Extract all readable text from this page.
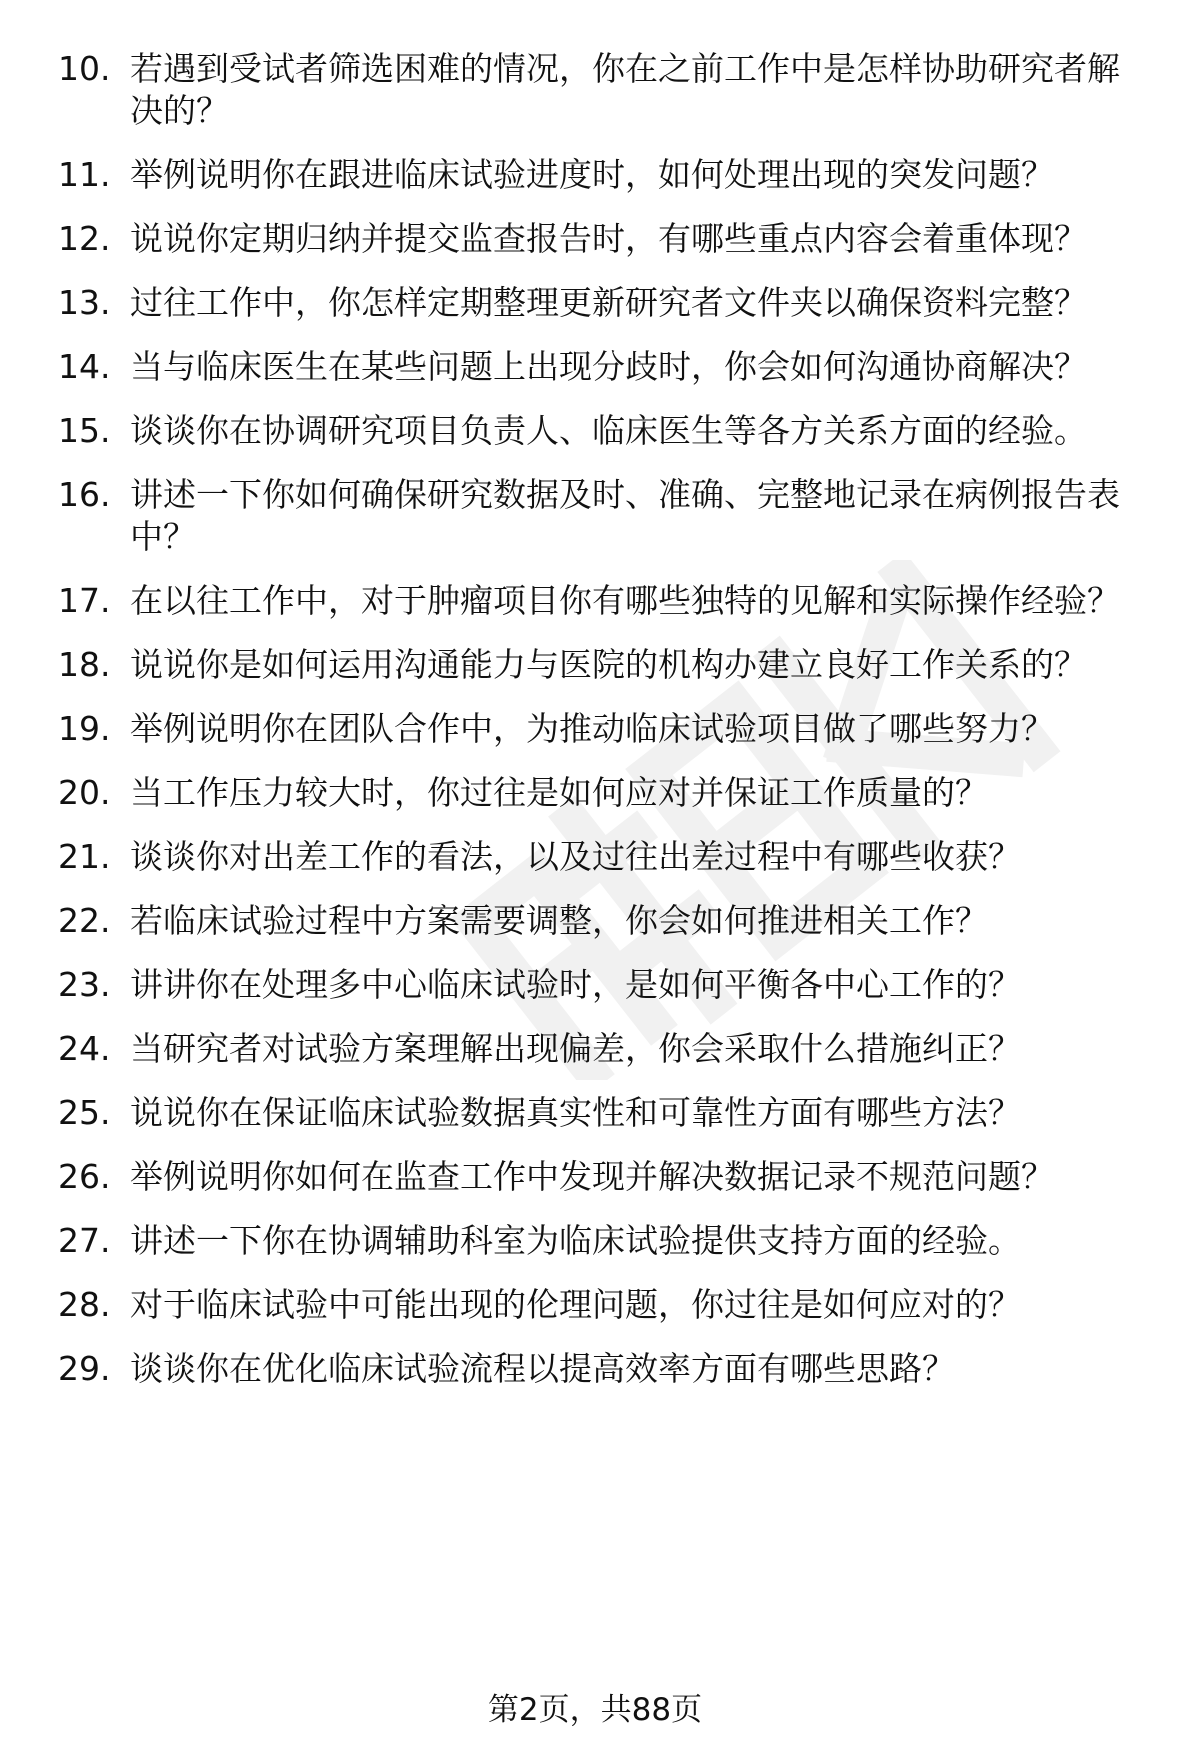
10. 若遇到受试者筛选困难的情况，你在之前工作中是怎样协助研究者解决的？
11. 举例说明你在跟进临床试验进度时，如何处理出现的突发问题？
12. 说说你定期归纳并提交监查报告时，有哪些重点内容会着重体现？
13. 过往工作中，你怎样定期整理更新研究者文件夹以确保资料完整？
14. 当与临床医生在某些问题上出现分歧时，你会如何沟通协商解决？
15. 谈谈你在协调研究项目负责人、临床医生等各方关系方面的经验。
16. 讲述一下你如何确保研究数据及时、准确、完整地记录在病例报告表中？
17. 在以往工作中，对于肿瘤项目你有哪些独特的见解和实际操作经验？
18. 说说你是如何运用沟通能力与医院的机构办建立良好工作关系的？
19. 举例说明你在团队合作中，为推动临床试验项目做了哪些努力？
20. 当工作压力较大时，你过往是如何应对并保证工作质量的？
21. 谈谈你对出差工作的看法，以及过往出差过程中有哪些收获？
22. 若临床试验过程中方案需要调整，你会如何推进相关工作？
23. 讲讲你在处理多中心临床试验时，是如何平衡各中心工作的？
24. 当研究者对试验方案理解出现偏差，你会采取什么措施纠正？
25. 说说你在保证临床试验数据真实性和可靠性方面有哪些方法？
26. 举例说明你如何在监查工作中发现并解决数据记录不规范问题？
27. 讲述一下你在协调辅助科室为临床试验提供支持方面的经验。
28. 对于临床试验中可能出现的伦理问题，你过往是如何应对的？
29. 谈谈你在优化临床试验流程以提高效率方面有哪些思路？
第2页，共88页
